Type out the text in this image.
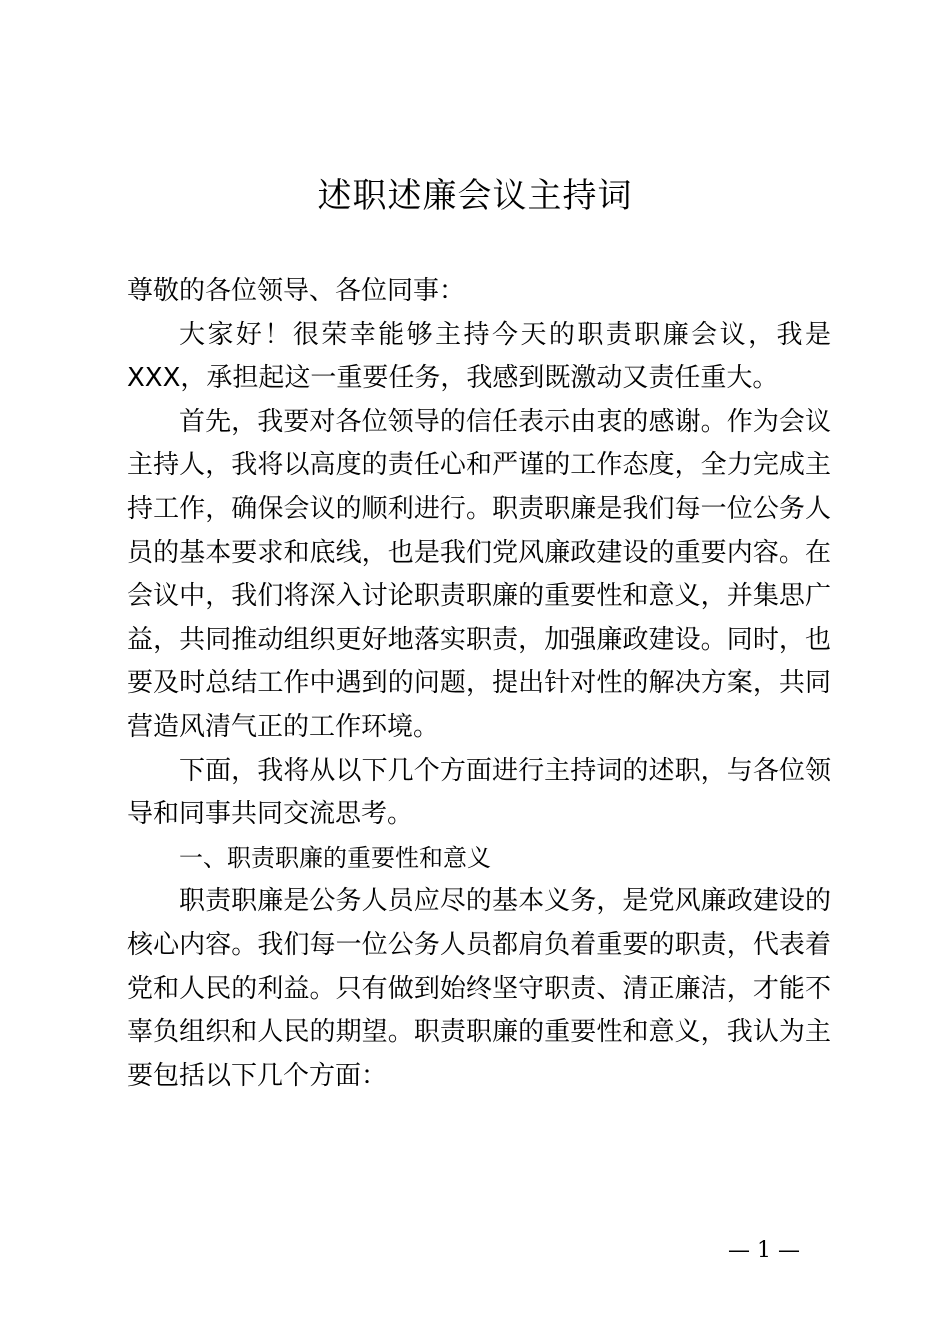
述职述廉会议主持词

尊敬的各位领导、各位同事：

大家好！很荣幸能够主持今天的职责职廉会议，我是XXX，承担起这一重要任务，我感到既激动又责任重大。

首先，我要对各位领导的信任表示由衷的感谢。作为会议主持人，我将以高度的责任心和严谨的工作态度，全力完成主持工作，确保会议的顺利进行。职责职廉是我们每一位公务人员的基本要求和底线，也是我们党风廉政建设的重要内容。在会议中，我们将深入讨论职责职廉的重要性和意义，并集思广益，共同推动组织更好地落实职责，加强廉政建设。同时，也要及时总结工作中遇到的问题，提出针对性的解决方案，共同营造风清气正的工作环境。

下面，我将从以下几个方面进行主持词的述职，与各位领导和同事共同交流思考。

一、职责职廉的重要性和意义

职责职廉是公务人员应尽的基本义务，是党风廉政建设的核心内容。我们每一位公务人员都肩负着重要的职责，代表着党和人民的利益。只有做到始终坚守职责、清正廉洁，才能不辜负组织和人民的期望。职责职廉的重要性和意义，我认为主要包括以下几个方面：

— 1 —
